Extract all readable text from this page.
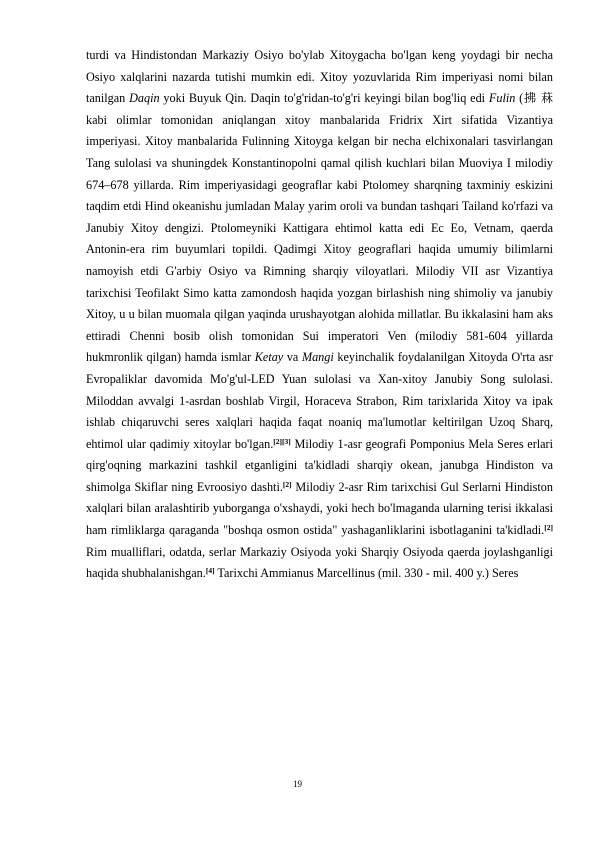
turdi va Hindistondan Markaziy Osiyo bo'ylab Xitoygacha bo'lgan keng yoydagi bir necha Osiyo xalqlarini nazarda tutishi mumkin edi. Xitoy yozuvlarida Rim imperiyasi nomi bilan tanilgan Daqin yoki Buyuk Qin. Daqin to'g'ridan-to'g'ri keyingi bilan bog'liq edi Fulin (拂 菻 kabi olimlar tomonidan aniqlangan xitoy manbalarida Fridrix Xirt sifatida Vizantiya imperiyasi. Xitoy manbalarida Fulinning Xitoyga kelgan bir necha elchixonalari tasvirlangan Tang sulolasi va shuningdek Konstantinopolni qamal qilish kuchlari bilan Muoviya I milodiy 674–678 yillarda. Rim imperiyasidagi geograflar kabi Ptolomey sharqning taxminiy eskizini taqdim etdi Hind okeanishu jumladan Malay yarim oroli va bundan tashqari Tailand ko'rfazi va Janubiy Xitoy dengizi. Ptolomeyniki Kattigara ehtimol katta edi Ec Eo, Vetnam, qaerda Antonin-era rim buyumlari topildi. Qadimgi Xitoy geograflari haqida umumiy bilimlarni namoyish etdi G'arbiy Osiyo va Rimning sharqiy viloyatlari. Milodiy VII asr Vizantiya tarixchisi Teofilakt Simo katta zamondosh haqida yozgan birlashish ning shimoliy va janubiy Xitoy, u u bilan muomala qilgan yaqinda urushayotgan alohida millatlar. Bu ikkalasini ham aks ettiradi Chenni bosib olish tomonidan Sui imperatori Ven (milodiy 581-604 yillarda hukmronlik qilgan) hamda ismlar Ketay va Mangi keyinchalik foydalanilgan Xitoyda O'rta asr Evropaliklar davomida Mo'g'ul-LED Yuan sulolasi va Xan-xitoy Janubiy Song sulolasi. Miloddan avvalgi 1-asrdan boshlab Virgil, Horaceva Strabon, Rim tarixlarida Xitoy va ipak ishlab chiqaruvchi seres xalqlari haqida faqat noaniq ma'lumotlar keltirilgan Uzoq Sharq, ehtimol ular qadimiy xitoylar bo'lgan.[2][3] Milodiy 1-asr geografi Pomponius Mela Seres erlari qirg'oqning markazini tashkil etganligini ta'kidladi sharqiy okean, janubga Hindiston va shimolga Skiflar ning Evroosiyo dashti.[2] Milodiy 2-asr Rim tarixchisi Gul Serlarni Hindiston xalqlari bilan aralashtirib yuborganga o'xshaydi, yoki hech bo'lmaganda ularning terisi ikkalasi ham rimliklarga qaraganda "boshqa osmon ostida" yashaganliklarini isbotlaganini ta'kidladi.[2] Rim mualliflari, odatda, serlar Markaziy Osiyoda yoki Sharqiy Osiyoda qaerda joylashganligi haqida shubhalanishgan.[4] Tarixchi Ammianus Marcellinus (mil. 330 - mil. 400 y.) Seres

19
